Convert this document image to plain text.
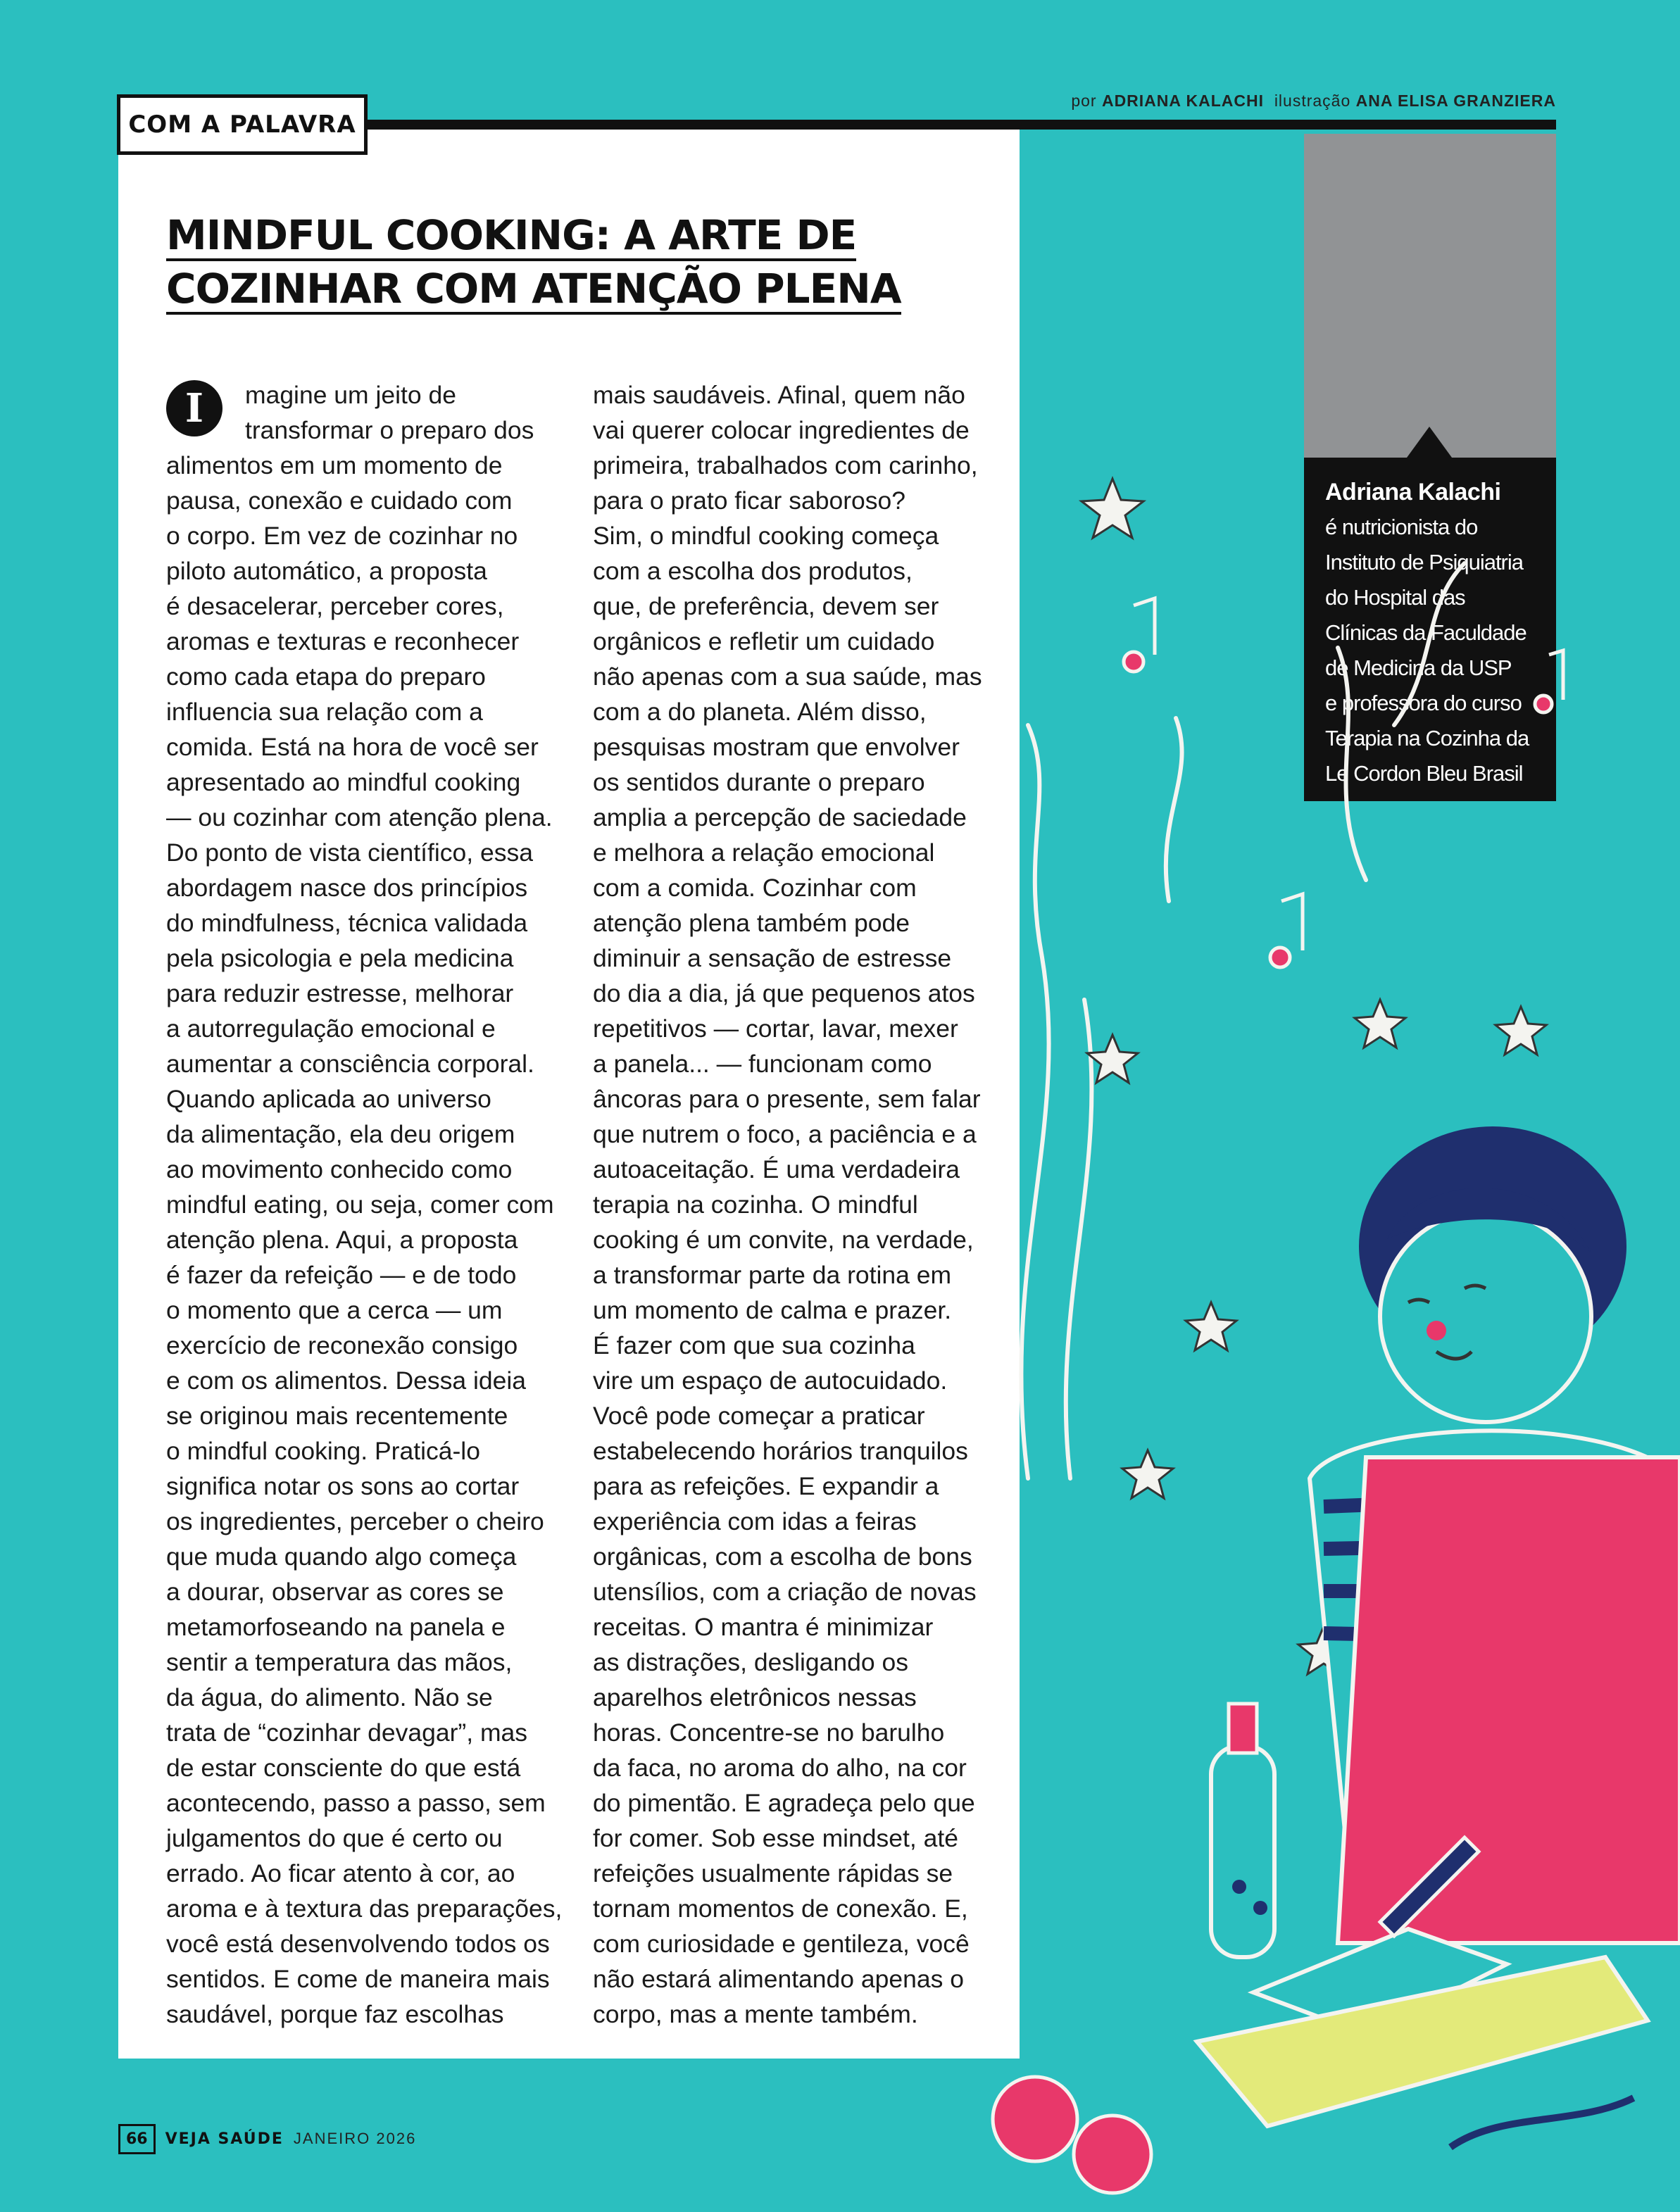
COM A PALAVRA
por ADRIANA KALACHI ilustração ANA ELISA GRANZIERA
MINDFUL COOKING: A ARTE DE
COZINHAR COM ATENÇÃO PLENA
I	magine um jeito de
transformar o preparo dos
alimentos em um momento de
pausa, conexão e cuidado com
o corpo. Em vez de cozinhar no
piloto automático, a proposta
é desacelerar, perceber cores,
aromas e texturas e reconhecer
como cada etapa do preparo
influencia sua relação com a
comida. Está na hora de você ser
apresentado ao mindful cooking
— ou cozinhar com atenção plena.
Do ponto de vista científico, essa
abordagem nasce dos princípios
do mindfulness, técnica validada
pela psicologia e pela medicina
para reduzir estresse, melhorar
a autorregulação emocional e
aumentar a consciência corporal.
Quando aplicada ao universo
da alimentação, ela deu origem
ao movimento conhecido como
mindful eating, ou seja, comer com
atenção plena. Aqui, a proposta
é fazer da refeição — e de todo
o momento que a cerca — um
exercício de reconexão consigo
e com os alimentos. Dessa ideia
se originou mais recentemente
o mindful cooking. Praticá-lo
significa notar os sons ao cortar
os ingredientes, perceber o cheiro
que muda quando algo começa
a dourar, observar as cores se
metamorfoseando na panela e
sentir a temperatura das mãos,
da água, do alimento. Não se
trata de “cozinhar devagar”, mas
de estar consciente do que está
acontecendo, passo a passo, sem
julgamentos do que é certo ou
errado. Ao ficar atento à cor, ao
aroma e à textura das preparações,
você está desenvolvendo todos os
sentidos. E come de maneira mais
saudável, porque faz escolhas
mais saudáveis. Afinal, quem não
vai querer colocar ingredientes de
primeira, trabalhados com carinho,
para o prato ficar saboroso?
Sim, o mindful cooking começa
com a escolha dos produtos,
que, de preferência, devem ser
orgânicos e refletir um cuidado
não apenas com a sua saúde, mas
com a do planeta. Além disso,
pesquisas mostram que envolver
os sentidos durante o preparo
amplia a percepção de saciedade
e melhora a relação emocional
com a comida. Cozinhar com
atenção plena também pode
diminuir a sensação de estresse
do dia a dia, já que pequenos atos
repetitivos — cortar, lavar, mexer
a panela... — funcionam como
âncoras para o presente, sem falar
que nutrem o foco, a paciência e a
autoaceitação. É uma verdadeira
terapia na cozinha. O mindful
cooking é um convite, na verdade,
a transformar parte da rotina em
um momento de calma e prazer.
É fazer com que sua cozinha
vire um espaço de autocuidado.
Você pode começar a praticar
estabelecendo horários tranquilos
para as refeições. E expandir a
experiência com idas a feiras
orgânicas, com a escolha de bons
utensílios, com a criação de novas
receitas. O mantra é minimizar
as distrações, desligando os
aparelhos eletrônicos nessas
horas. Concentre-se no barulho
da faca, no aroma do alho, na cor
do pimentão. E agradeça pelo que
for comer. Sob esse mindset, até
refeições usualmente rápidas se
tornam momentos de conexão. E,
com curiosidade e gentileza, você
não estará alimentando apenas o
corpo, mas a mente também.
Adriana Kalachi
é nutricionista do
Instituto de Psiquiatria
do Hospital das
Clínicas da Faculdade
de Medicina da USP
e professora do curso
Terapia na Cozinha da
Le Cordon Bleu Brasil
66	VEJA SAÚDE JANEIRO 2026
